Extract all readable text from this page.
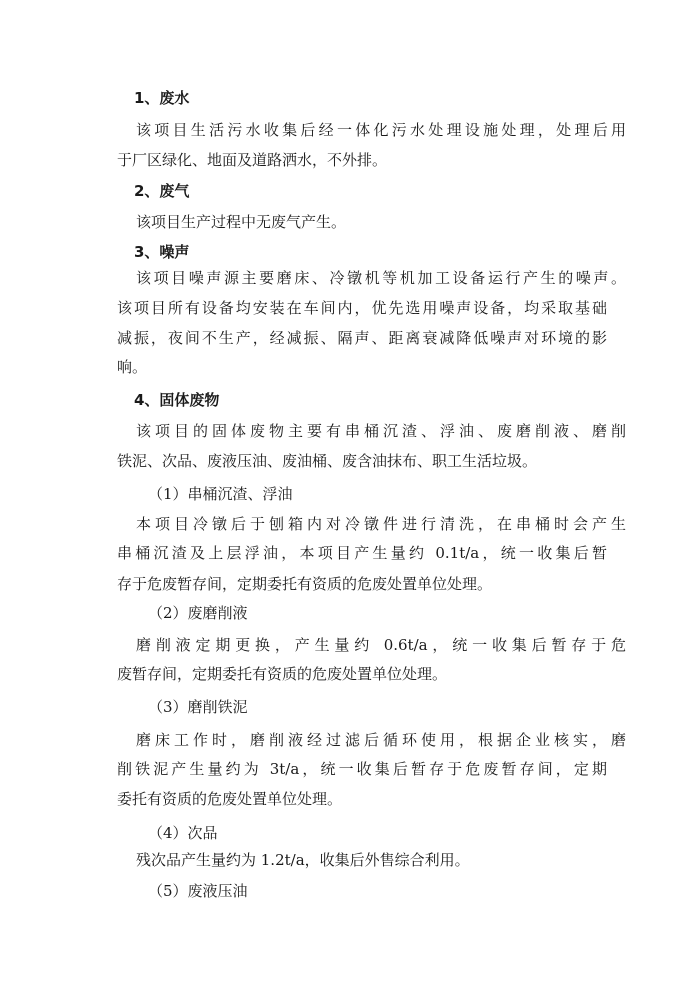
1、废水
该项目生活污水收集后经一体化污水处理设施处理，处理后用
于厂区绿化、地面及道路洒水，不外排。
2、废气
该项目生产过程中无废气产生。
3、噪声
该项目噪声源主要磨床、冷镦机等机加工设备运行产生的噪声。
该项目所有设备均安装在车间内，优先选用噪声设备，均采取基础
减振，夜间不生产，经减振、隔声、距离衰减降低噪声对环境的影
响。
4、固体废物
该项目的固体废物主要有串桶沉渣、浮油、废磨削液、磨削
铁泥、次品、废液压油、废油桶、废含油抹布、职工生活垃圾。
（1）串桶沉渣、浮油
本项目冷镦后于刨箱内对冷镦件进行清洗，在串桶时会产生
串桶沉渣及上层浮油，本项目产生量约 0.1t/a，统一收集后暂
存于危废暂存间，定期委托有资质的危废处置单位处理。
（2）废磨削液
磨削液定期更换，产生量约 0.6t/a，统一收集后暂存于危
废暂存间，定期委托有资质的危废处置单位处理。
（3）磨削铁泥
磨床工作时，磨削液经过滤后循环使用，根据企业核实，磨
削铁泥产生量约为 3t/a，统一收集后暂存于危废暂存间，定期
委托有资质的危废处置单位处理。
（4）次品
残次品产生量约为 1.2t/a，收集后外售综合利用。
（5）废液压油
